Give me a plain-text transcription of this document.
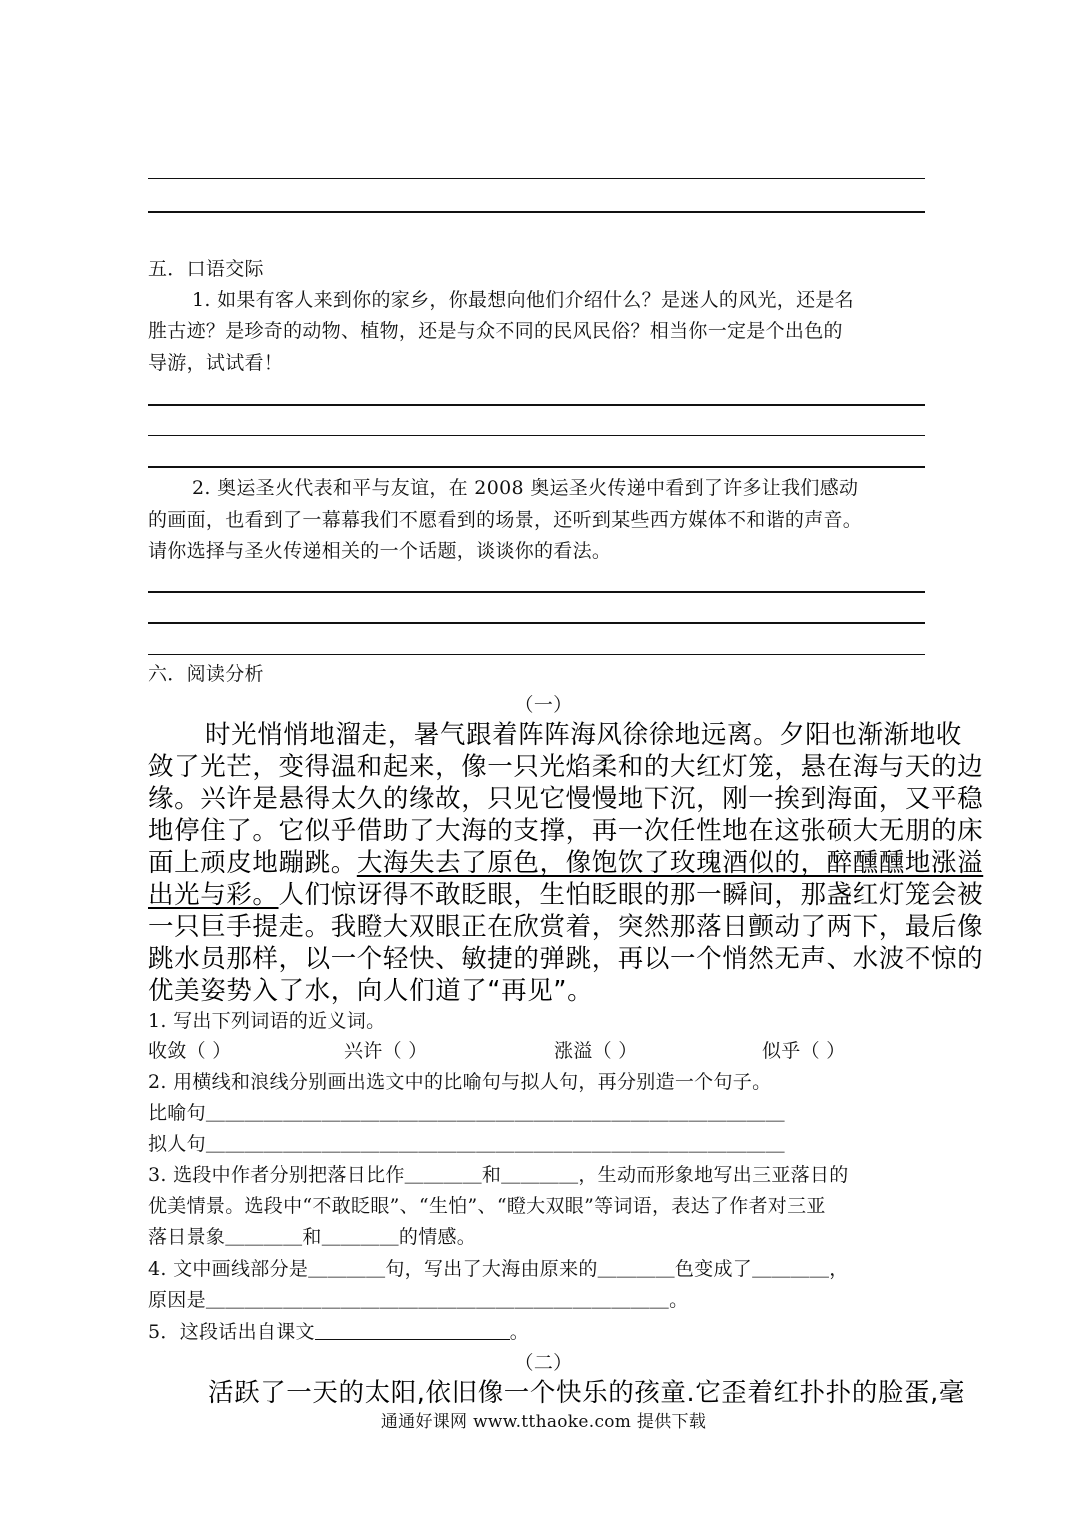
五．口语交际
1. 如果有客人来到你的家乡，你最想向他们介绍什么？是迷人的风光，还是名
胜古迹？是珍奇的动物、植物，还是与众不同的民风民俗？相当你一定是个出色的
导游，试试看！
2. 奥运圣火代表和平与友谊，在 2008 奥运圣火传递中看到了许多让我们感动
的画面，也看到了一幕幕我们不愿看到的场景，还听到某些西方媒体不和谐的声音。
请你选择与圣火传递相关的一个话题，谈谈你的看法。
六．阅读分析
（一）
时光悄悄地溜走，暑气跟着阵阵海风徐徐地远离。夕阳也渐渐地收
敛了光芒，变得温和起来，像一只光焰柔和的大红灯笼，悬在海与天的边
缘。兴许是悬得太久的缘故，只见它慢慢地下沉，刚一挨到海面，又平稳
地停住了。它似乎借助了大海的支撑，再一次任性地在这张硕大无朋的床
面上顽皮地蹦跳。大海失去了原色，像饱饮了玫瑰酒似的，醉醺醺地涨溢
出光与彩。人们惊讶得不敢眨眼，生怕眨眼的那一瞬间，那盏红灯笼会被
一只巨手提走。我瞪大双眼正在欣赏着，突然那落日颤动了两下，最后像
跳水员那样，以一个轻快、敏捷的弹跳，再以一个悄然无声、水波不惊的
优美姿势入了水，向人们道了“再见”。
1. 写出下列词语的近义词。
收敛（ ）	兴许（ ）	涨溢（ ）	似乎（ ）
2. 用横线和浪线分别画出选文中的比喻句与拟人句，再分别造一个句子。
比喻句＿＿＿＿＿＿＿＿＿＿＿＿＿＿＿＿＿＿＿＿＿＿＿＿＿＿＿＿＿＿
拟人句＿＿＿＿＿＿＿＿＿＿＿＿＿＿＿＿＿＿＿＿＿＿＿＿＿＿＿＿＿＿
3. 选段中作者分别把落日比作＿＿＿＿和＿＿＿＿，生动而形象地写出三亚落日的
优美情景。选段中“不敢眨眼”、“生怕”、“瞪大双眼”等词语，表达了作者对三亚
落日景象＿＿＿＿和＿＿＿＿的情感。
4. 文中画线部分是＿＿＿＿句，写出了大海由原来的＿＿＿＿色变成了＿＿＿＿，
原因是＿＿＿＿＿＿＿＿＿＿＿＿＿＿＿＿＿＿＿＿＿＿＿＿。
5．这段话出自课文	。
（二）
活跃了一天的太阳,依旧像一个快乐的孩童.它歪着红扑扑的脸蛋,毫
通通好课网 www.tthaoke.com 提供下载
